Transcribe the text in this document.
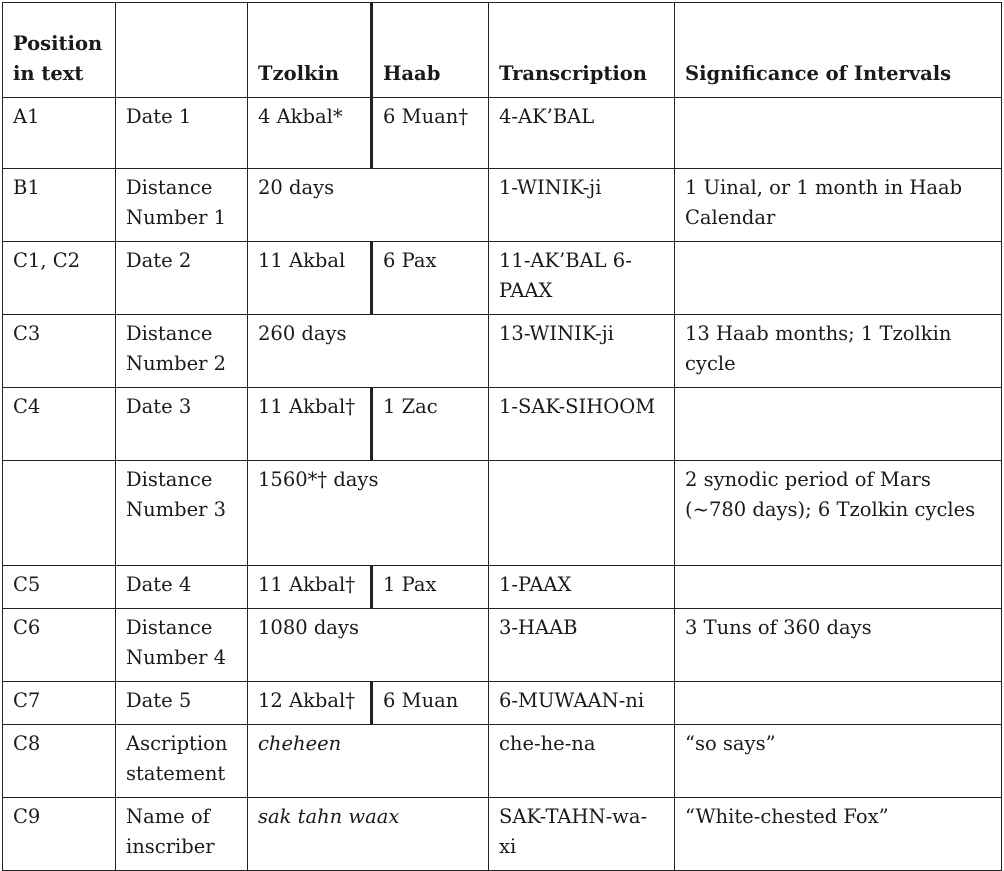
Position in text		Tzolkin	Haab	Transcription	Significance of Intervals
A1	Date 1	4 Akbal*	6 Muan†	4-AK’BAL	
B1	Distance Number 1	20 days		1-WINIK-ji	1 Uinal, or 1 month in Haab Calendar
C1, C2	Date 2	11 Akbal	6 Pax	11-AK’BAL 6-PAAX	
C3	Distance Number 2	260 days		13-WINIK-ji	13 Haab months; 1 Tzolkin cycle
C4	Date 3	11 Akbal†	1 Zac	1-SAK-SIHOOM	
	Distance Number 3	1560*† days			2 synodic period of Mars (~780 days); 6 Tzolkin cycles
C5	Date 4	11 Akbal†	1 Pax	1-PAAX	
C6	Distance Number 4	1080 days		3-HAAB	3 Tuns of 360 days
C7	Date 5	12 Akbal†	6 Muan	6-MUWAAN-ni	
C8	Ascription statement	cheheen		che-he-na	“so says”
C9	Name of inscriber	sak tahn waax		SAK-TAHN-wa-xi	“White-chested Fox”
